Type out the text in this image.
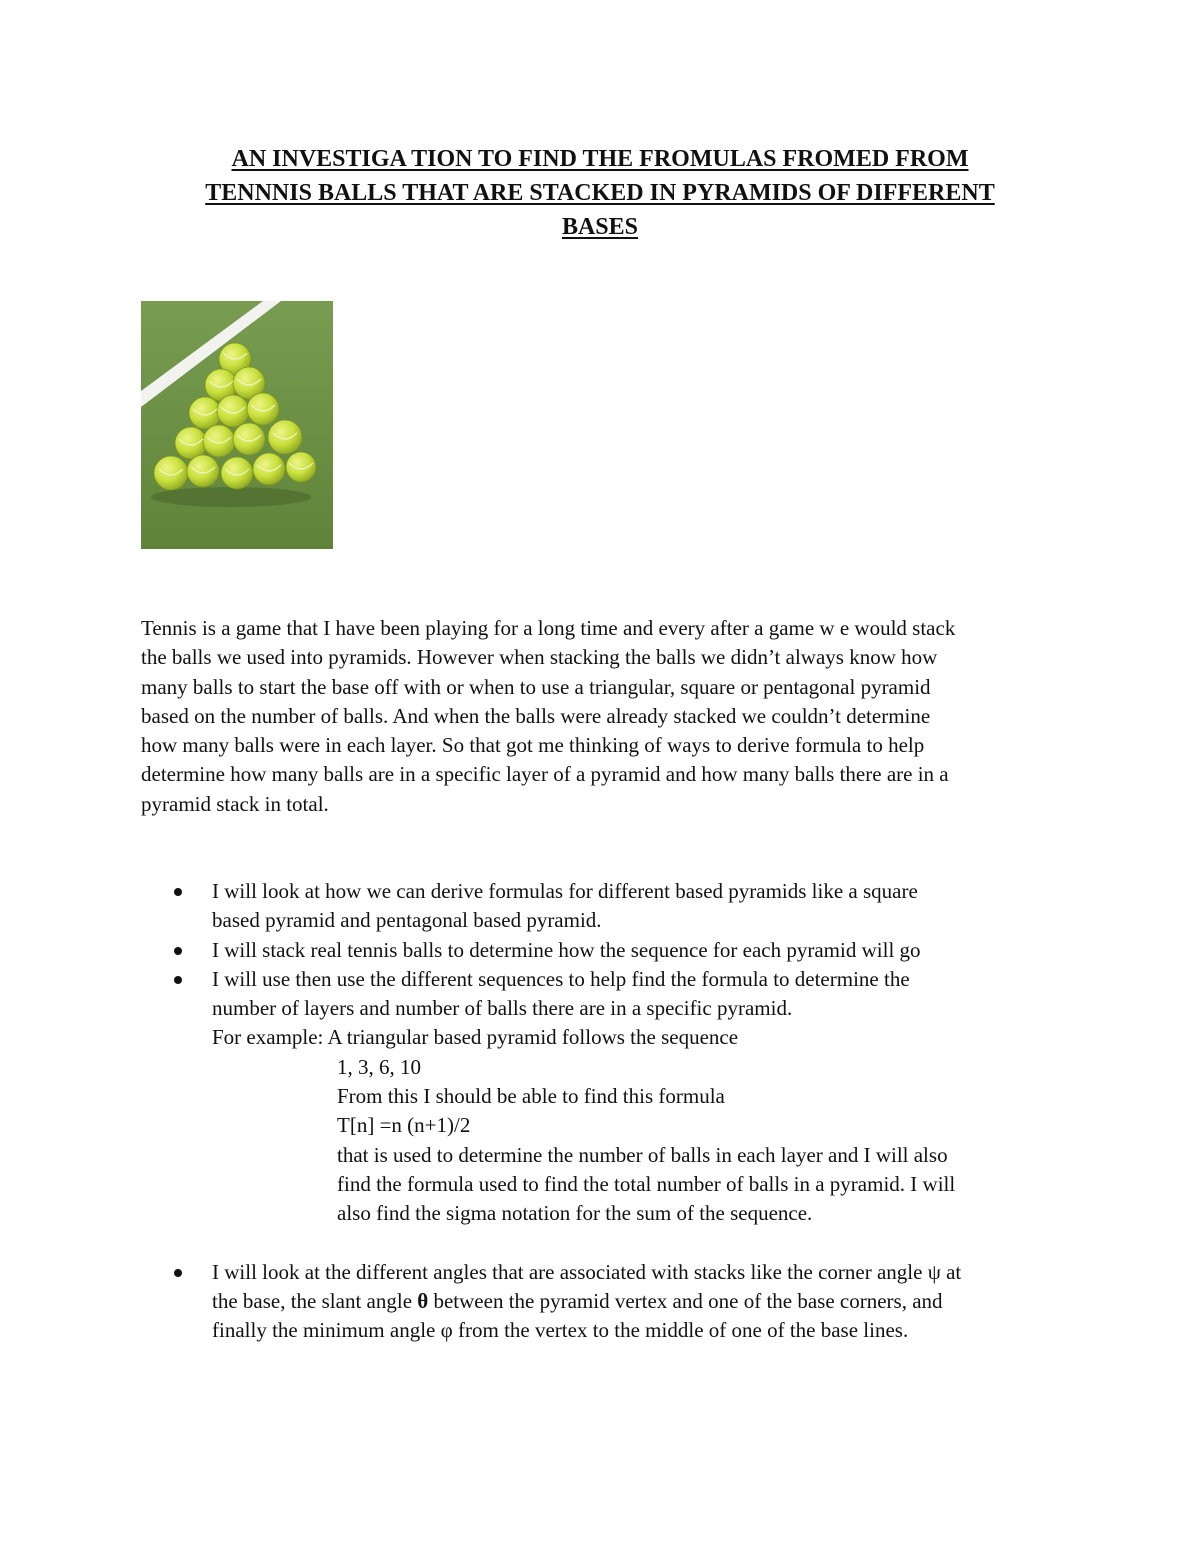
AN INVESTIGA TION TO FIND THE FROMULAS FROMED FROM
TENNNIS BALLS THAT ARE STACKED IN PYRAMIDS OF DIFFERENT
BASES
Tennis is a game that I have been playing for a long time and every after a game w e would stack
the balls we used into pyramids. However when stacking the balls we didn’t always know how
many balls to start the base off with or when to use a triangular, square or pentagonal pyramid
based on the number of balls. And when the balls were already stacked we couldn’t determine
how many balls were in each layer. So that got me thinking of ways to derive formula to help
determine how many balls are in a specific layer of a pyramid and how many balls there are in a
pyramid stack in total.
I will look at how we can derive formulas for different based pyramids like a square
based pyramid and pentagonal based pyramid.
I will stack real tennis balls to determine how the sequence for each pyramid will go
I will use then use the different sequences to help find the formula to determine the
number of layers and number of balls there are in a specific pyramid.
For example: A triangular based pyramid follows the sequence
1, 3, 6, 10
From this I should be able to find this formula
T[n] =n (n+1)/2
that is used to determine the number of balls in each layer and I will also
find the formula used to find the total number of balls in a pyramid. I will
also find the sigma notation for the sum of the sequence.
I will look at the different angles that are associated with stacks like the corner angle ψ at
the base, the slant angle θ between the pyramid vertex and one of the base corners, and
finally the minimum angle φ from the vertex to the middle of one of the base lines.
